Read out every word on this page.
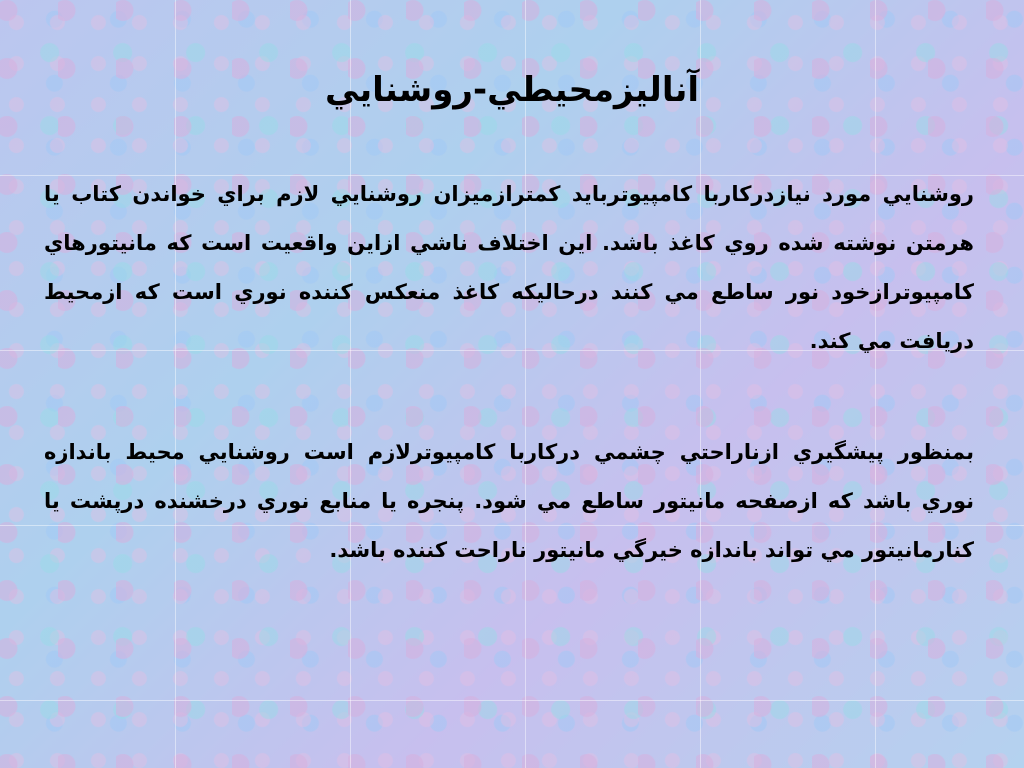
آناليزمحيطي-روشنايي
روشنايي مورد نيازدركاربا كامپيوتربايد كمترازميزان روشنايي لازم براي خواندن كتاب يا هرمتن نوشته شده روي كاغذ باشد. اين اختلاف ناشي ازاين واقعيت است كه مانيتورهاي كامپيوترازخود نور ساطع مي كنند درحاليكه كاغذ منعكس كننده نوري است كه ازمحيط دريافت مي كند.
بمنظور پيشگيري ازناراحتي چشمي دركاربا كامپيوترلازم است روشنايي محيط باندازه نوري باشد كه ازصفحه مانيتور ساطع مي شود. پنجره يا منابع نوري درخشنده درپشت يا كنارمانيتور مي تواند باندازه خيرگي مانيتور ناراحت كننده باشد.
